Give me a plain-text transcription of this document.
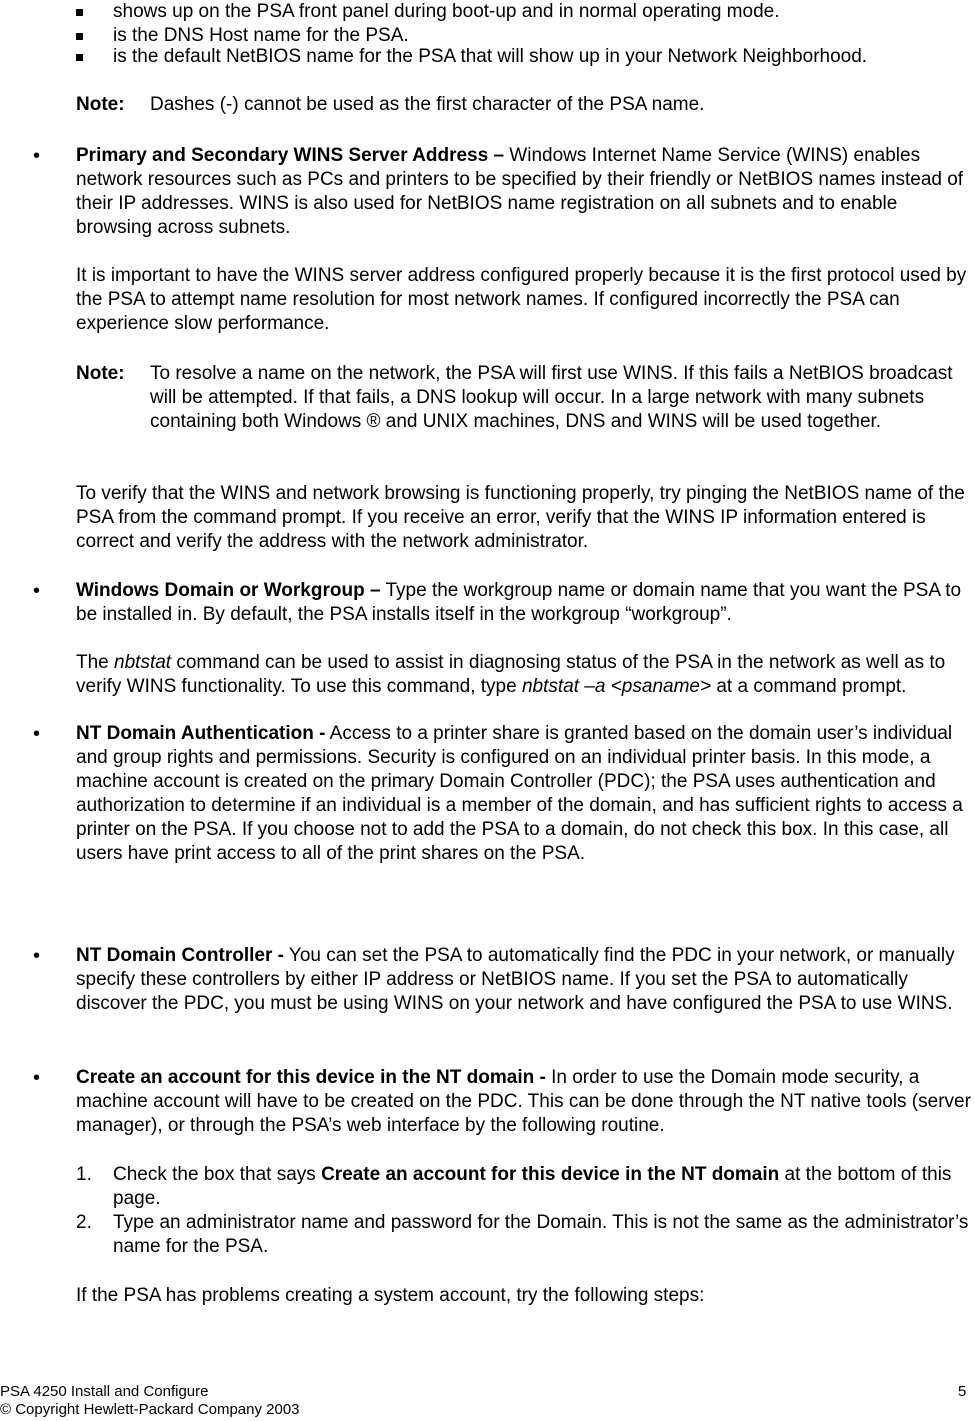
shows up on the PSA front panel during boot-up and in normal operating mode.
is the DNS Host name for the PSA.
is the default NetBIOS name for the PSA that will show up in your Network Neighborhood.
Note: Dashes (-) cannot be used as the first character of the PSA name.
• Primary and Secondary WINS Server Address – Windows Internet Name Service (WINS) enables network resources such as PCs and printers to be specified by their friendly or NetBIOS names instead of their IP addresses. WINS is also used for NetBIOS name registration on all subnets and to enable browsing across subnets.

It is important to have the WINS server address configured properly because it is the first protocol used by the PSA to attempt name resolution for most network names. If configured incorrectly the PSA can experience slow performance.

Note: To resolve a name on the network, the PSA will first use WINS. If this fails a NetBIOS broadcast will be attempted. If that fails, a DNS lookup will occur. In a large network with many subnets containing both Windows ® and UNIX machines, DNS and WINS will be used together.

To verify that the WINS and network browsing is functioning properly, try pinging the NetBIOS name of the PSA from the command prompt. If you receive an error, verify that the WINS IP information entered is correct and verify the address with the network administrator.

• Windows Domain or Workgroup – Type the workgroup name or domain name that you want the PSA to be installed in. By default, the PSA installs itself in the workgroup “workgroup”.

The nbtstat command can be used to assist in diagnosing status of the PSA in the network as well as to verify WINS functionality. To use this command, type nbtstat –a <psaname> at a command prompt.

• NT Domain Authentication - Access to a printer share is granted based on the domain user’s individual and group rights and permissions. Security is configured on an individual printer basis. In this mode, a machine account is created on the primary Domain Controller (PDC); the PSA uses authentication and authorization to determine if an individual is a member of the domain, and has sufficient rights to access a printer on the PSA. If you choose not to add the PSA to a domain, do not check this box. In this case, all users have print access to all of the print shares on the PSA.

• NT Domain Controller - You can set the PSA to automatically find the PDC in your network, or manually specify these controllers by either IP address or NetBIOS name. If you set the PSA to automatically discover the PDC, you must be using WINS on your network and have configured the PSA to use WINS.

• Create an account for this device in the NT domain - In order to use the Domain mode security, a machine account will have to be created on the PDC. This can be done through the NT native tools (server manager), or through the PSA’s web interface by the following routine.

1. Check the box that says Create an account for this device in the NT domain at the bottom of this page.

2. Type an administrator name and password for the Domain. This is not the same as the administrator’s name for the PSA.

If the PSA has problems creating a system account, try the following steps:

PSA 4250 Install and Configure
© Copyright Hewlett-Packard Company 2003
5
